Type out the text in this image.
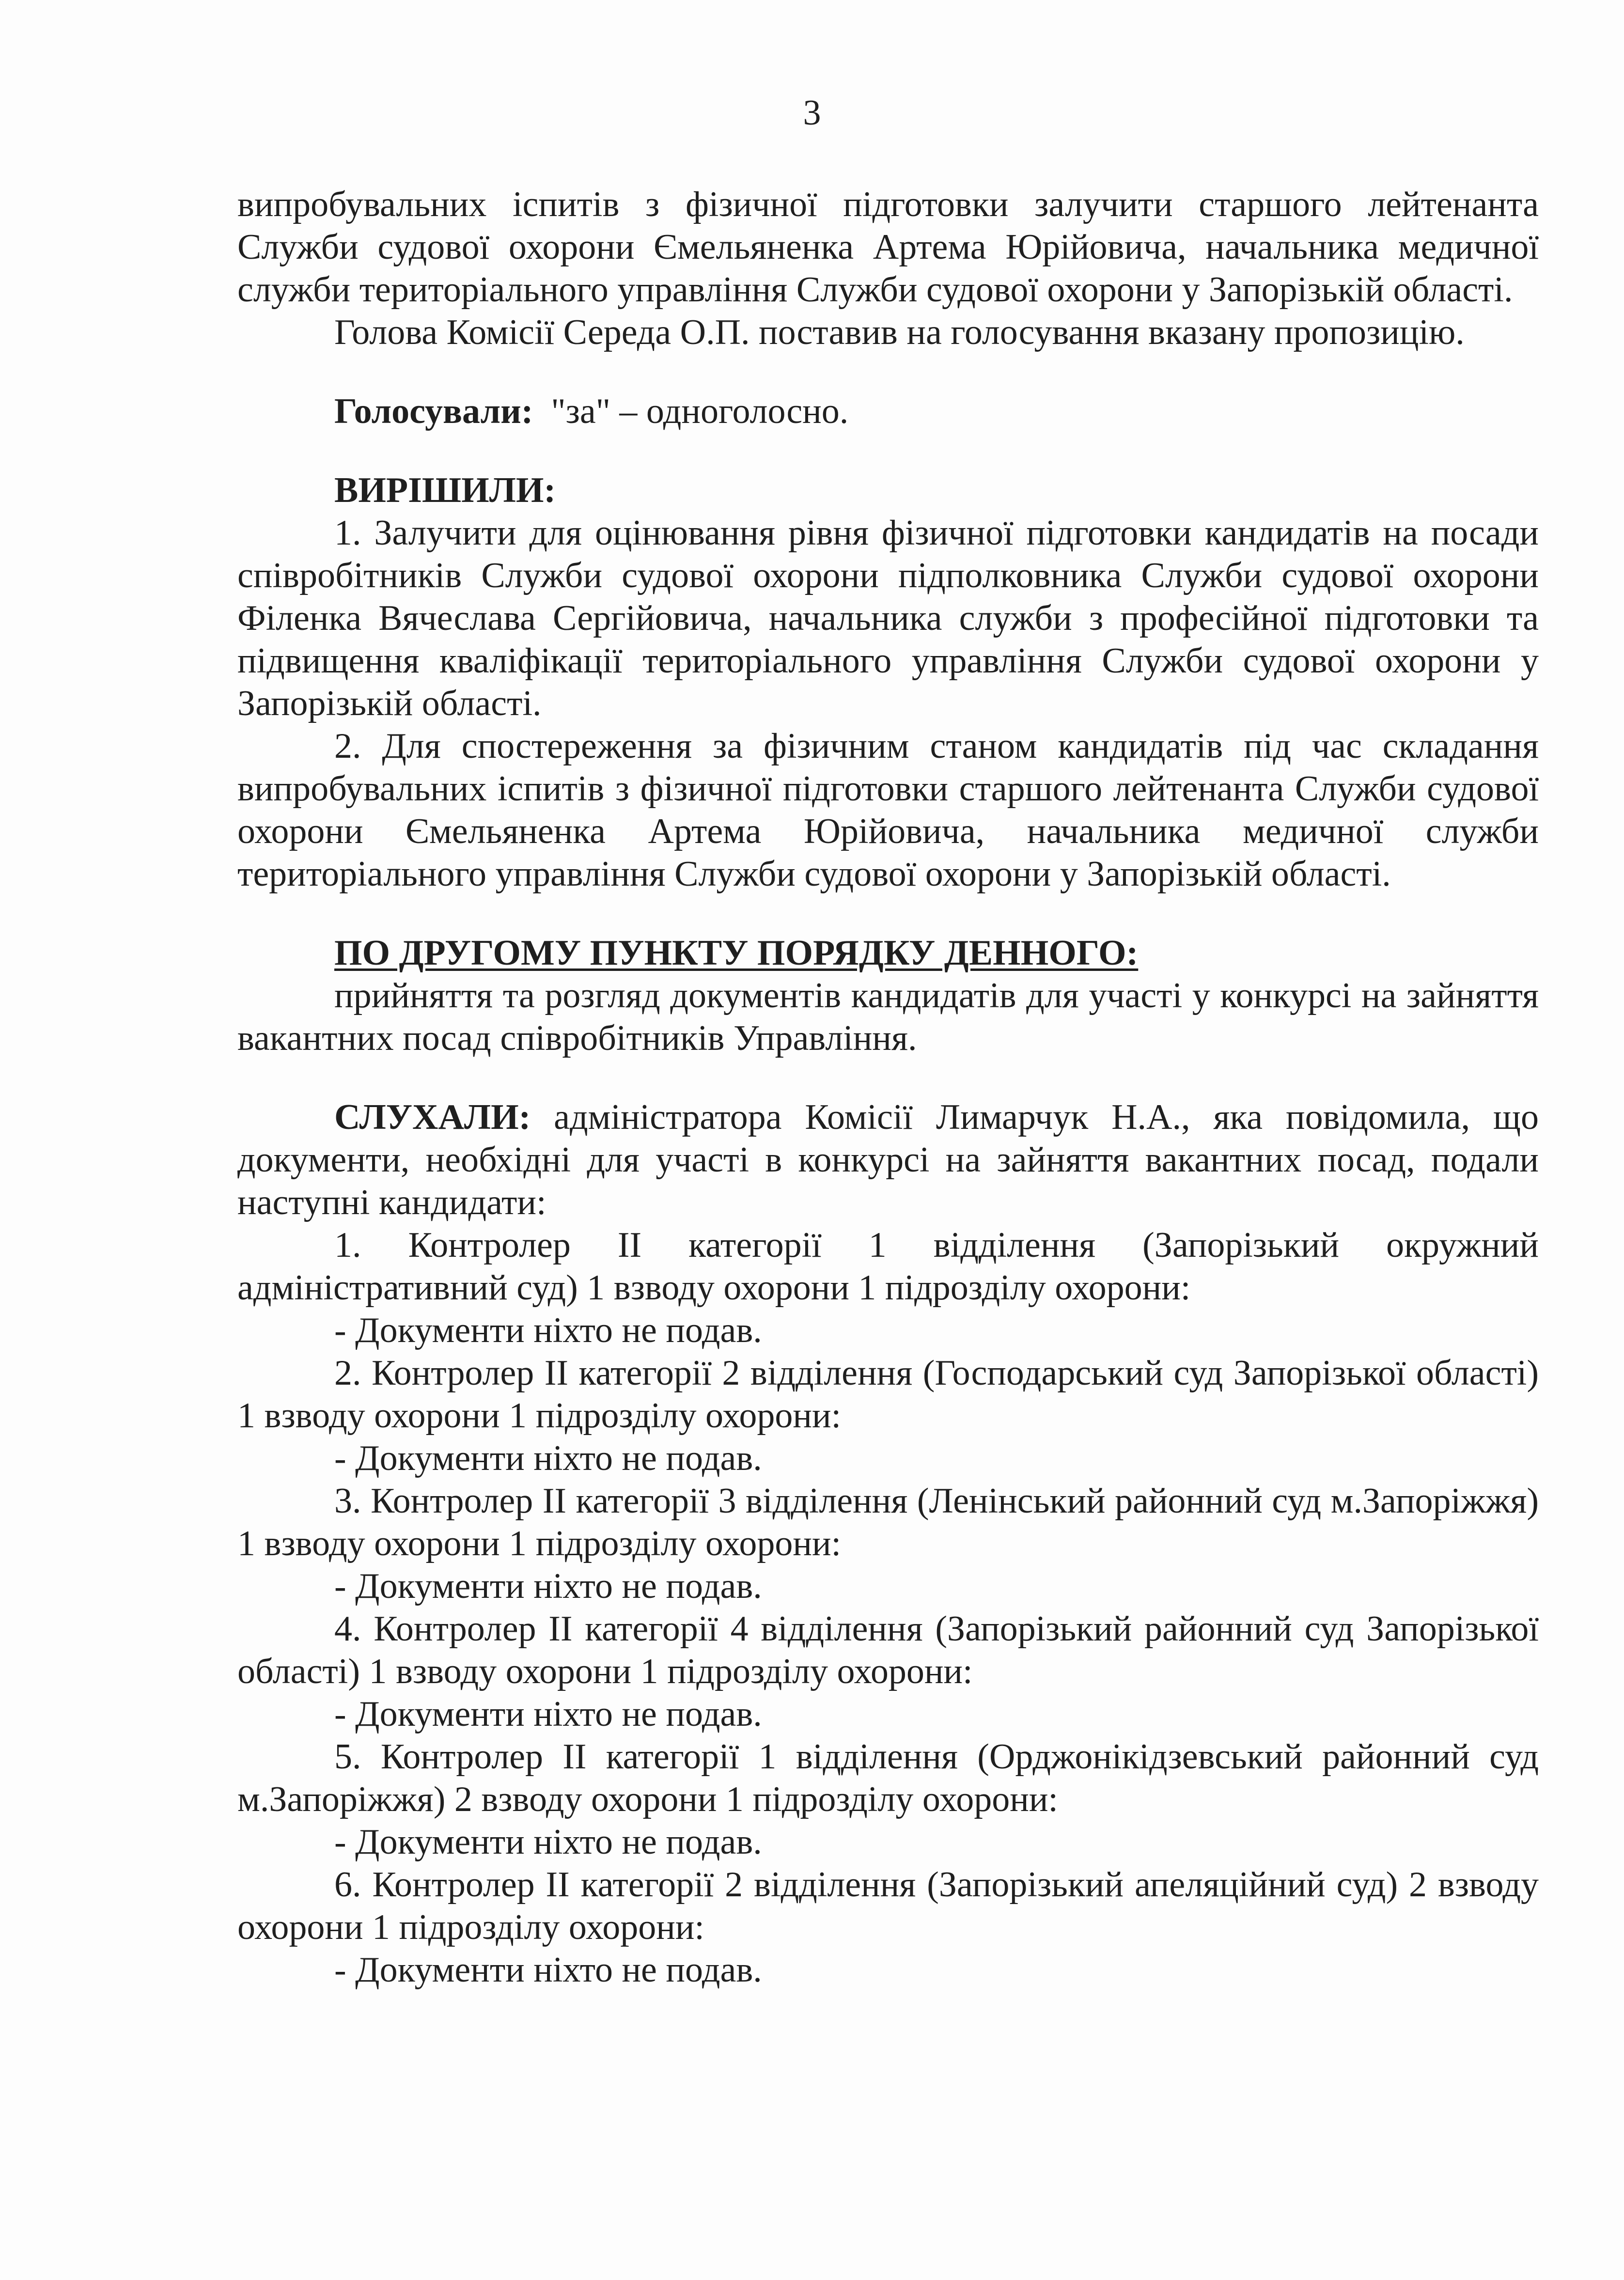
3

випробувальних іспитів з фізичної підготовки залучити старшого лейтенанта Служби судової охорони Ємельяненка Артема Юрійовича, начальника медичної служби територіального управління Служби судової охорони у Запорізькій області.

Голова Комісії Середа О.П. поставив на голосування вказану пропозицію.

Голосували: "за" – одноголосно.

ВИРІШИЛИ:

1. Залучити для оцінювання рівня фізичної підготовки кандидатів на посади співробітників Служби судової охорони підполковника Служби судової охорони Філенка Вячеслава Сергійовича, начальника служби з професійної підготовки та підвищення кваліфікації територіального управління Служби судової охорони у Запорізькій області.

2. Для спостереження за фізичним станом кандидатів під час складання випробувальних іспитів з фізичної підготовки старшого лейтенанта Служби судової охорони Ємельяненка Артема Юрійовича, начальника медичної служби територіального управління Служби судової охорони у Запорізькій області.

ПО ДРУГОМУ ПУНКТУ ПОРЯДКУ ДЕННОГО:

прийняття та розгляд документів кандидатів для участі у конкурсі на зайняття вакантних посад співробітників Управління.

СЛУХАЛИ: адміністратора Комісії Лимарчук Н.А., яка повідомила, що документи, необхідні для участі в конкурсі на зайняття вакантних посад, подали наступні кандидати:

1. Контролер ІІ категорії 1 відділення (Запорізький окружний адміністративний суд) 1 взводу охорони 1 підрозділу охорони:

- Документи ніхто не подав.

2. Контролер ІІ категорії 2 відділення (Господарський суд Запорізької області) 1 взводу охорони 1 підрозділу охорони:

- Документи ніхто не подав.

3. Контролер ІІ категорії 3 відділення (Ленінський районний суд м.Запоріжжя) 1 взводу охорони 1 підрозділу охорони:

- Документи ніхто не подав.

4. Контролер ІІ категорії 4 відділення (Запорізький районний суд Запорізької області) 1 взводу охорони 1 підрозділу охорони:

- Документи ніхто не подав.

5. Контролер ІІ категорії 1 відділення (Орджонікідзевський районний суд м.Запоріжжя) 2 взводу охорони 1 підрозділу охорони:

- Документи ніхто не подав.

6. Контролер ІІ категорії 2 відділення (Запорізький апеляційний суд) 2 взводу охорони 1 підрозділу охорони:

- Документи ніхто не подав.
